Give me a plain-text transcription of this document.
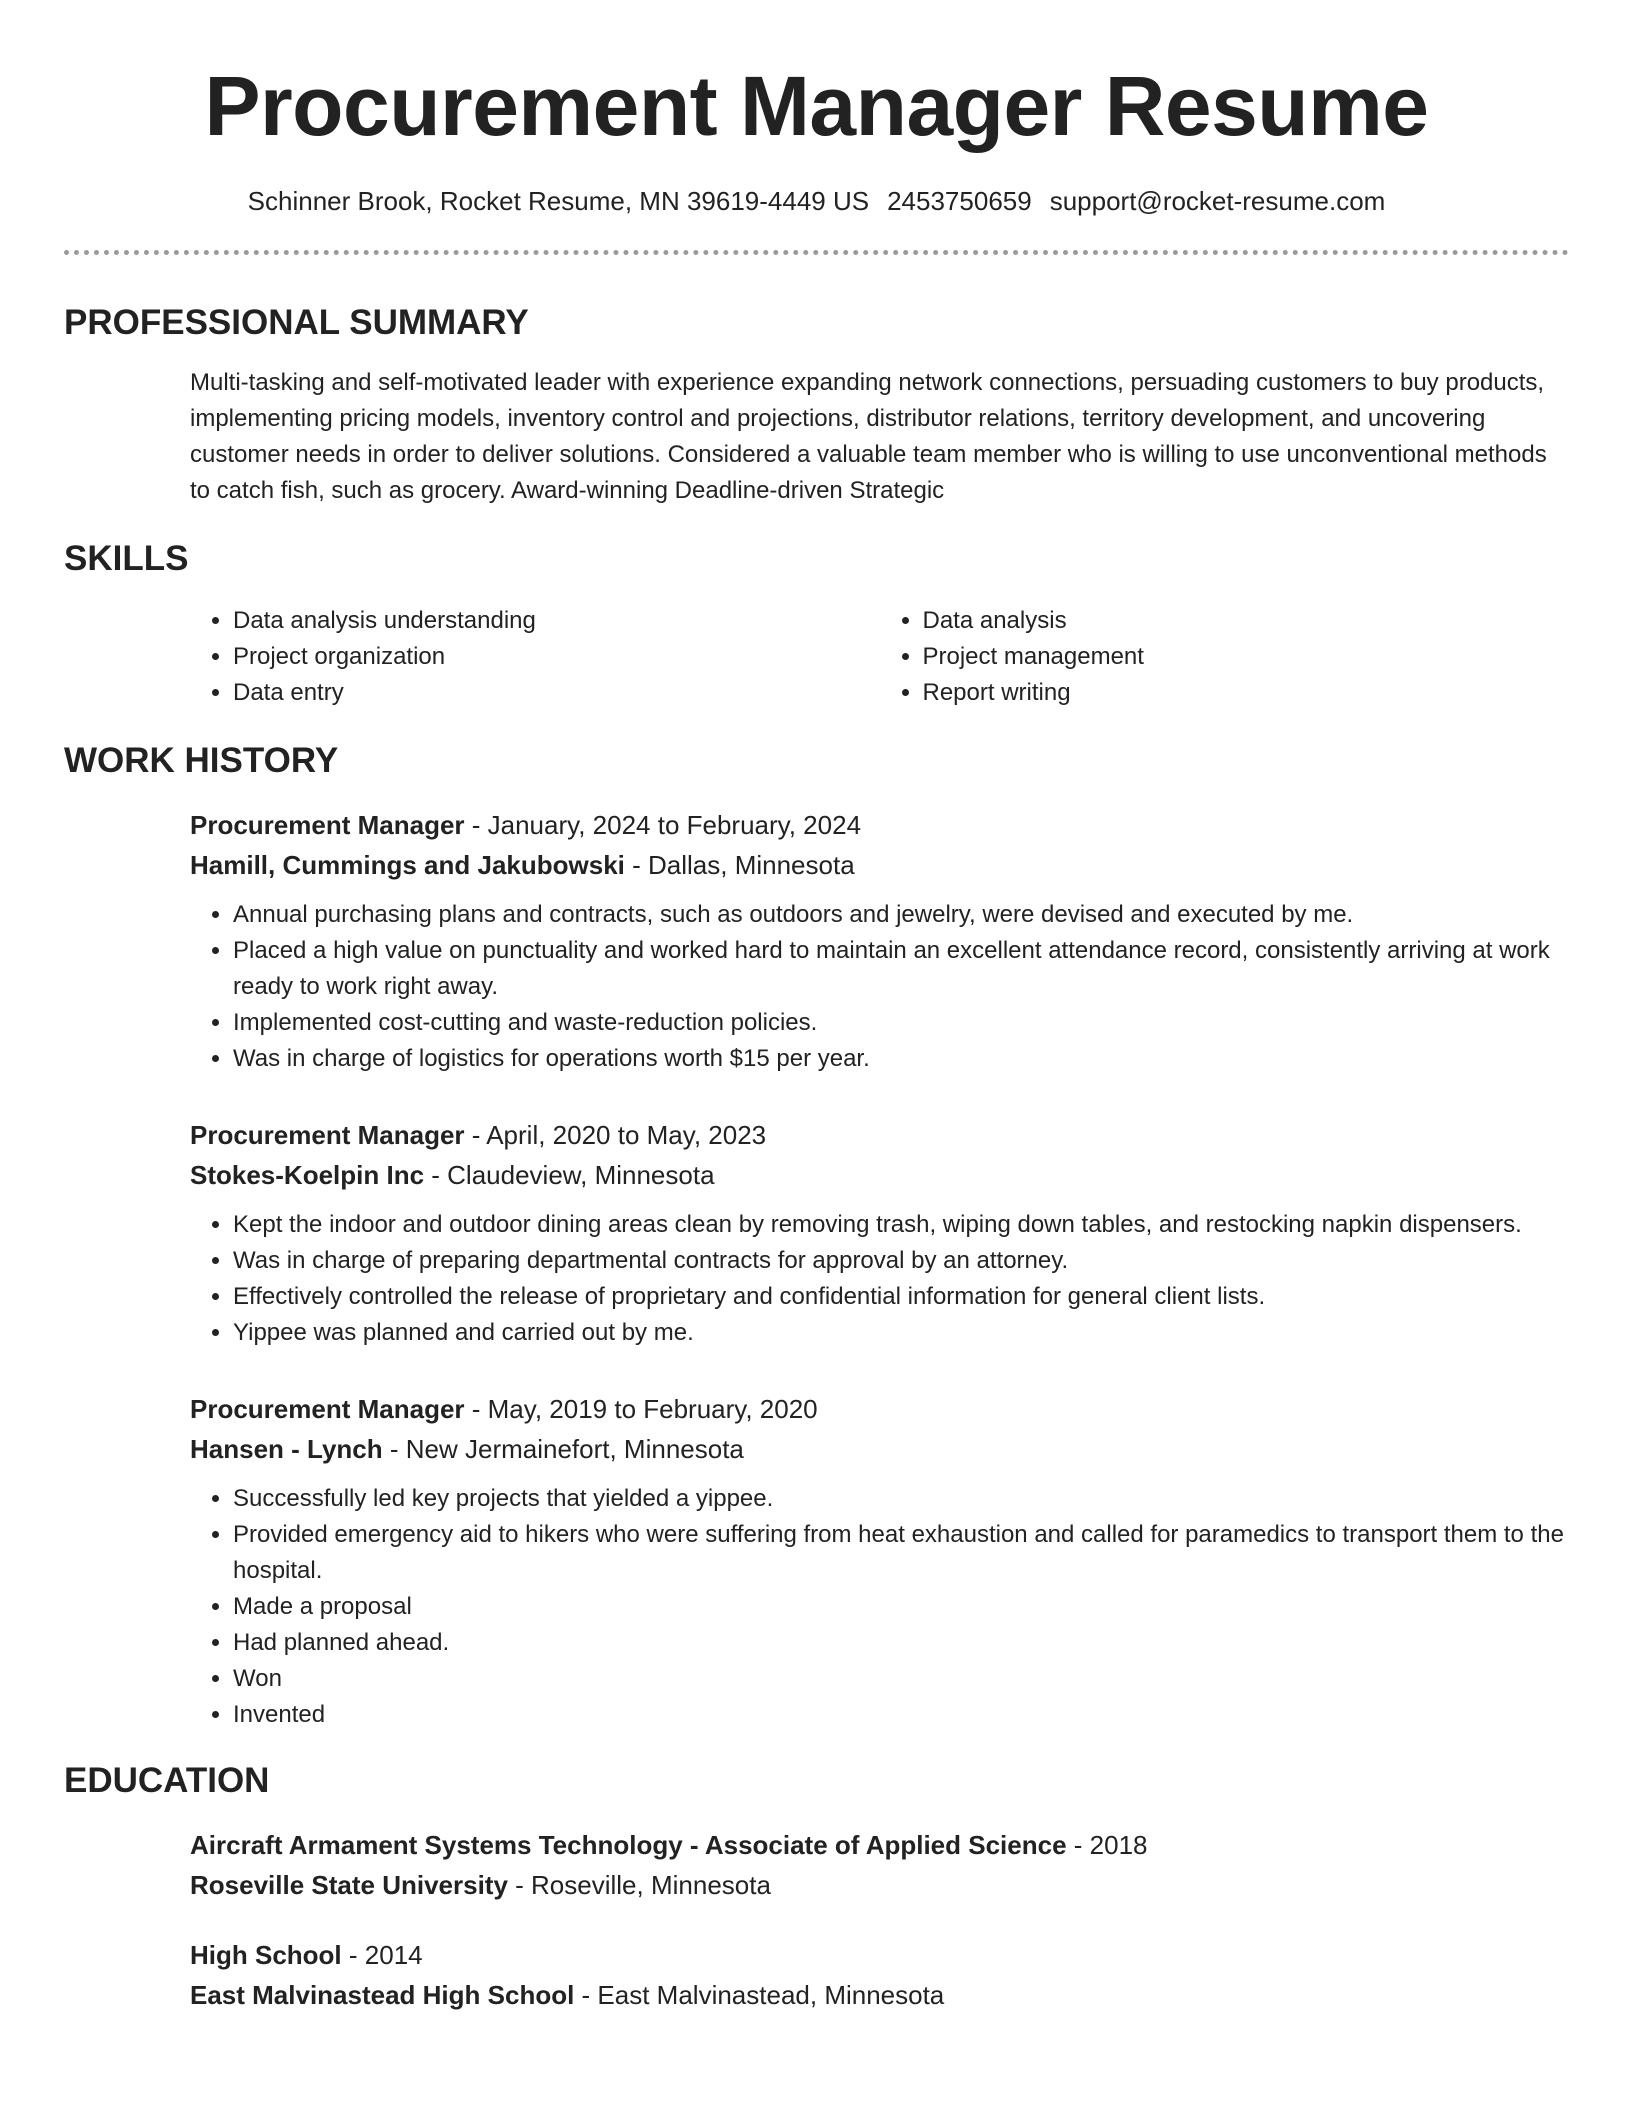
Procurement Manager Resume
Schinner Brook, Rocket Resume, MN 39619-4449 US 2453750659 support@rocket-resume.com
PROFESSIONAL SUMMARY

Multi-tasking and self-motivated leader with experience expanding network connections, persuading customers to buy products, implementing pricing models, inventory control and projections, distributor relations, territory development, and uncovering customer needs in order to deliver solutions. Considered a valuable team member who is willing to use unconventional methods to catch fish, such as grocery. Award-winning Deadline-driven Strategic

SKILLS
• Data analysis understanding
• Project organization
• Data entry
• Data analysis
• Project management
• Report writing
WORK HISTORY
Procurement Manager - January, 2024 to February, 2024
Hamill, Cummings and Jakubowski - Dallas, Minnesota
• Annual purchasing plans and contracts, such as outdoors and jewelry, were devised and executed by me.
• Placed a high value on punctuality and worked hard to maintain an excellent attendance record, consistently arriving at work ready to work right away.
• Implemented cost-cutting and waste-reduction policies.
• Was in charge of logistics for operations worth $15 per year.
Procurement Manager - April, 2020 to May, 2023
Stokes-Koelpin Inc - Claudeview, Minnesota
• Kept the indoor and outdoor dining areas clean by removing trash, wiping down tables, and restocking napkin dispensers.
• Was in charge of preparing departmental contracts for approval by an attorney.
• Effectively controlled the release of proprietary and confidential information for general client lists.
• Yippee was planned and carried out by me.
Procurement Manager - May, 2019 to February, 2020
Hansen - Lynch - New Jermainefort, Minnesota
• Successfully led key projects that yielded a yippee.
• Provided emergency aid to hikers who were suffering from heat exhaustion and called for paramedics to transport them to the hospital.
• Made a proposal
• Had planned ahead.
• Won
• Invented
EDUCATION
Aircraft Armament Systems Technology - Associate of Applied Science - 2018
Roseville State University - Roseville, Minnesota
High School - 2014
East Malvinastead High School - East Malvinastead, Minnesota
